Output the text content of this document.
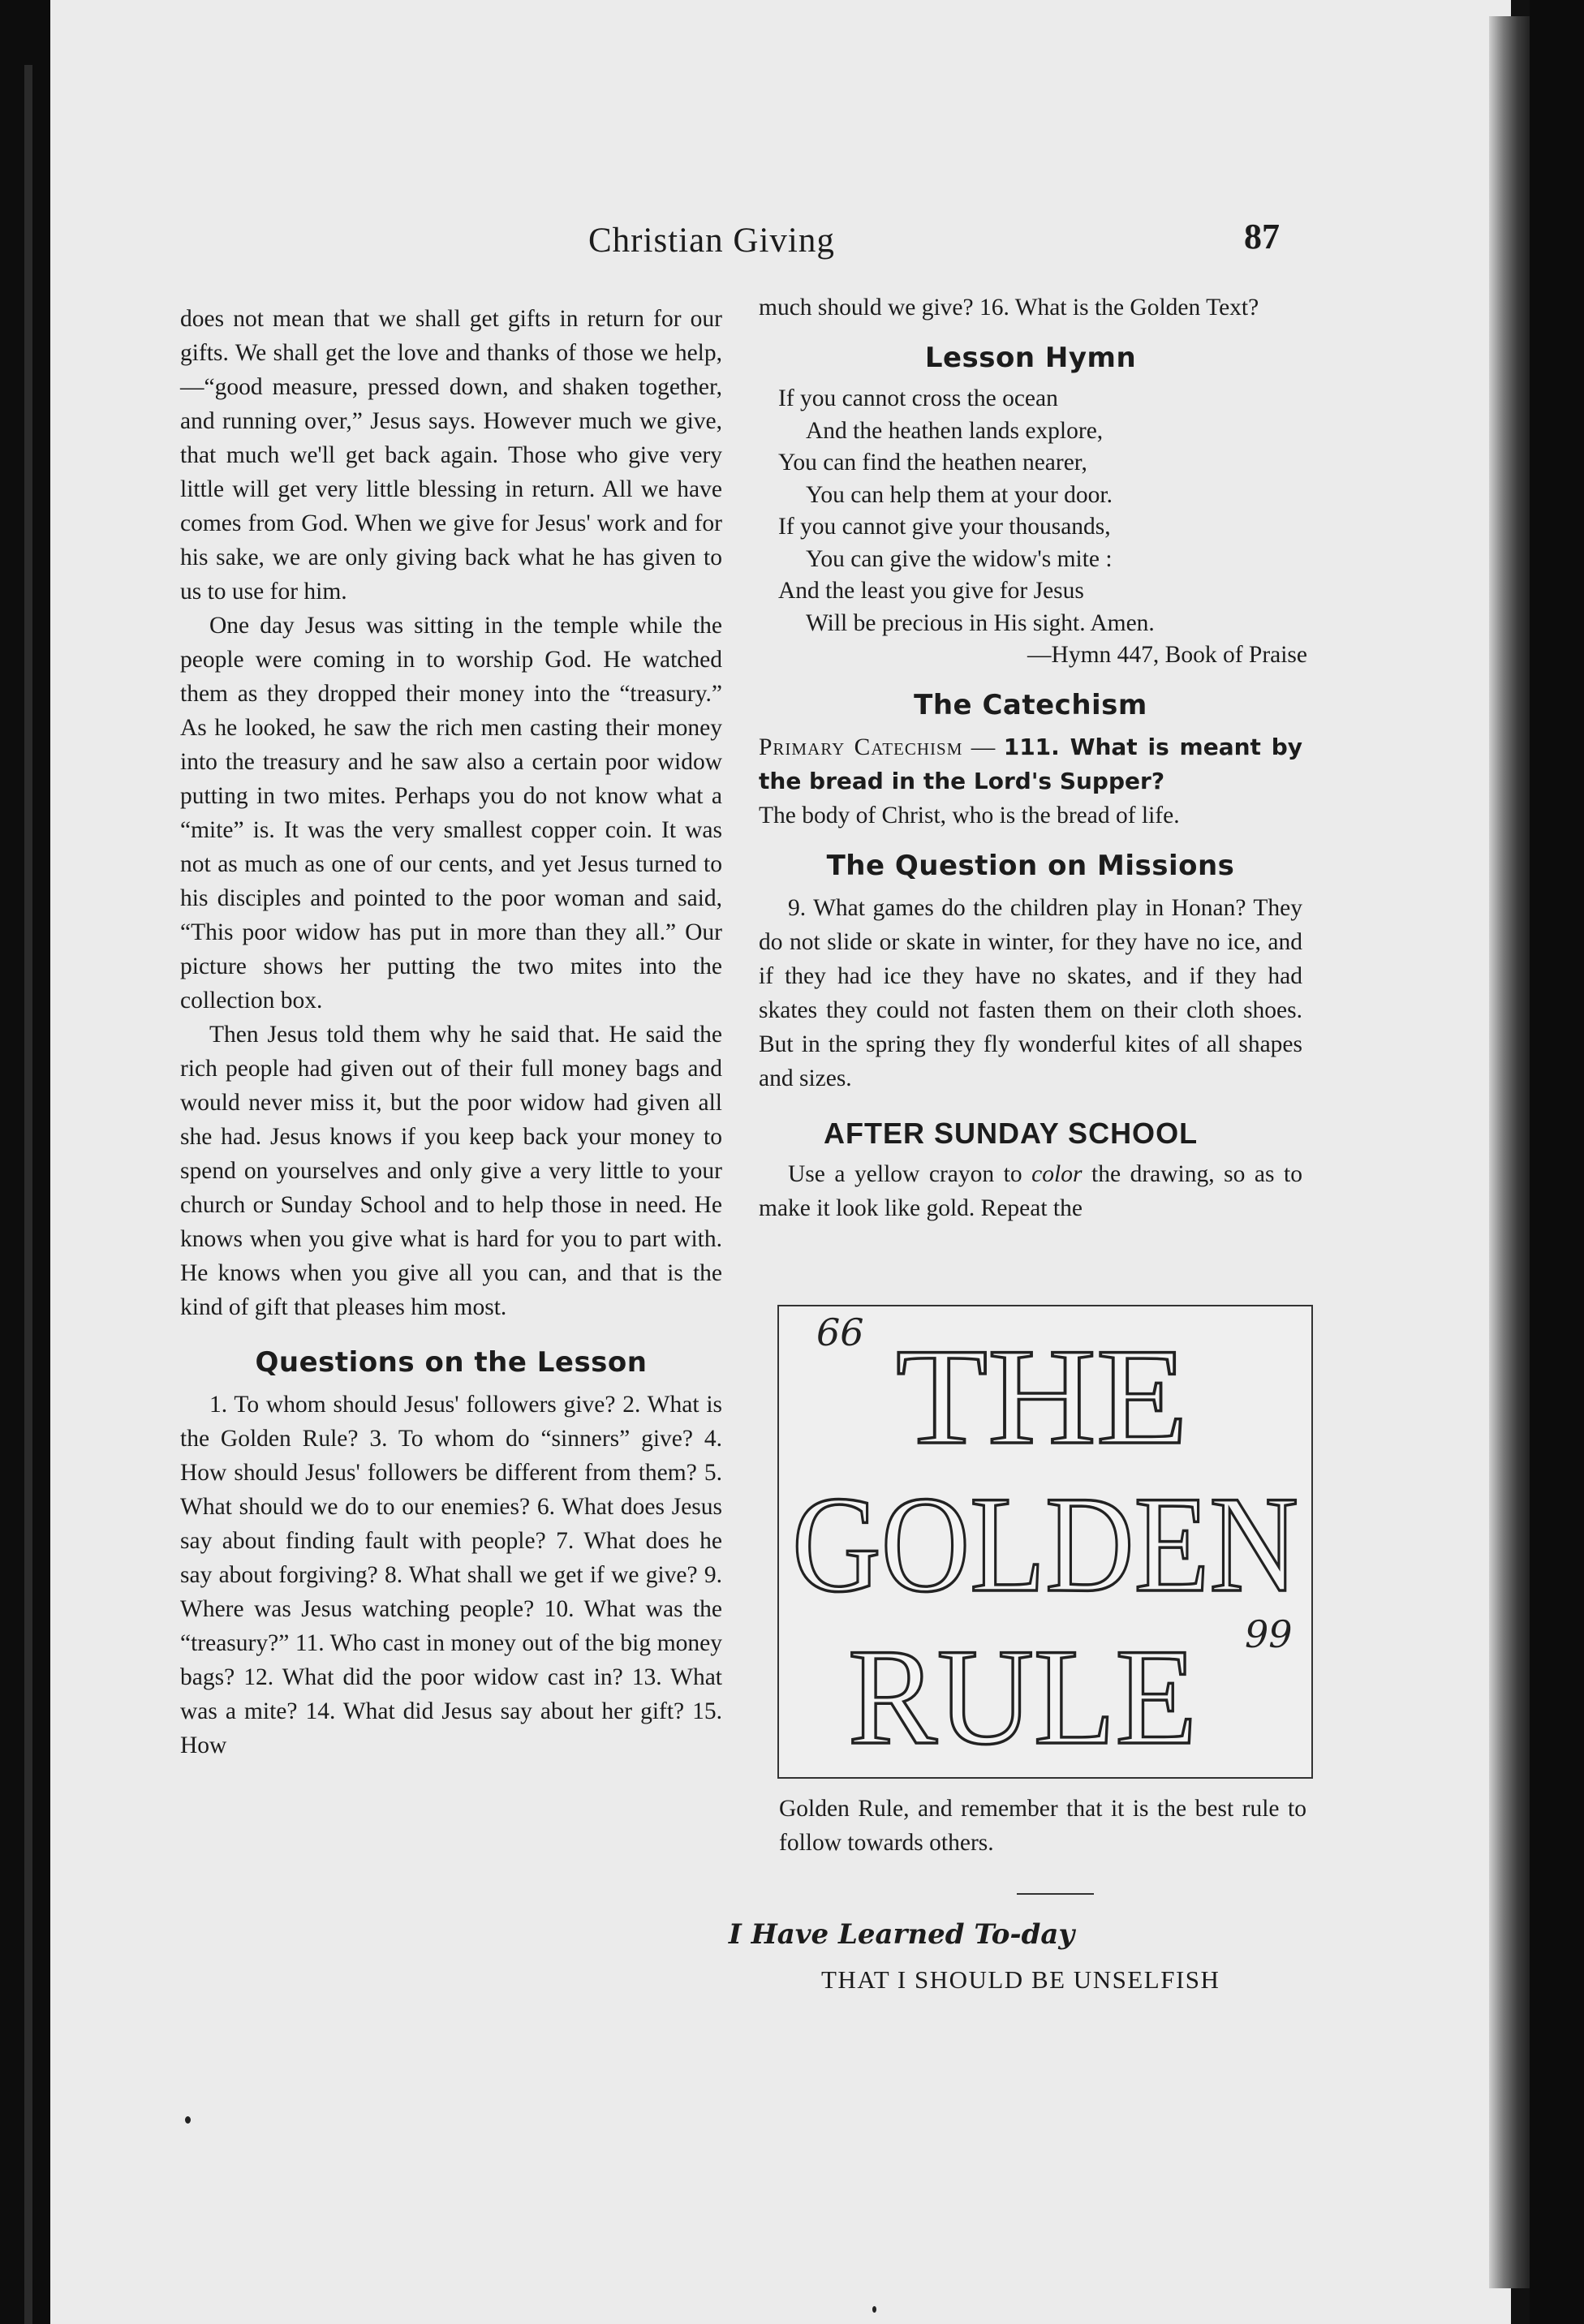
Christian Giving	87

does not mean that we shall get gifts in return for our gifts. We shall get the love and thanks of those we help,—“good measure, pressed down, and shaken together, and running over,” Jesus says. However much we give, that much we'll get back again. Those who give very little will get very little blessing in return. All we have comes from God. When we give for Jesus' work and for his sake, we are only giving back what he has given to us to use for him.

One day Jesus was sitting in the temple while the people were coming in to worship God. He watched them as they dropped their money into the “treasury.” As he looked, he saw the rich men casting their money into the treasury and he saw also a certain poor widow putting in two mites. Perhaps you do not know what a “mite” is. It was the very smallest copper coin. It was not as much as one of our cents, and yet Jesus turned to his disciples and pointed to the poor woman and said, “This poor widow has put in more than they all.” Our picture shows her putting the two mites into the collection box.

Then Jesus told them why he said that. He said the rich people had given out of their full money bags and would never miss it, but the poor widow had given all she had. Jesus knows if you keep back your money to spend on yourselves and only give a very little to your church or Sunday School and to help those in need. He knows when you give what is hard for you to part with. He knows when you give all you can, and that is the kind of gift that pleases him most.

Questions on the Lesson

1. To whom should Jesus' followers give? 2. What is the Golden Rule? 3. To whom do “sinners” give? 4. How should Jesus' followers be different from them? 5. What should we do to our enemies? 6. What does Jesus say about finding fault with people? 7. What does he say about forgiving? 8. What shall we get if we give? 9. Where was Jesus watching people? 10. What was the “treasury?” 11. Who cast in money out of the big money bags? 12. What did the poor widow cast in? 13. What was a mite? 14. What did Jesus say about her gift? 15. How

much should we give? 16. What is the Golden Text?

Lesson Hymn
If you cannot cross the ocean
And the heathen lands explore,
You can find the heathen nearer,
You can help them at your door.
If you cannot give your thousands,
You can give the widow's mite :
And the least you give for Jesus
Will be precious in His sight. Amen.
—Hymn 447, Book of Praise
The Catechism

Primary Catechism — 111. What is meant by the bread in the Lord's Supper?

The body of Christ, who is the bread of life.

The Question on Missions

9. What games do the children play in Honan? They do not slide or skate in winter, for they have no ice, and if they had ice they have no skates, and if they had skates they could not fasten them on their cloth shoes. But in the spring they fly wonderful kites of all shapes and sizes.

AFTER SUNDAY SCHOOL

Use a yellow crayon to color the drawing, so as to make it look like gold. Repeat the

66
99
THE
GOLDEN
RULE

Golden Rule, and remember that it is the best rule to follow towards others.

I Have Learned To-day
THAT I SHOULD BE UNSELFISH
